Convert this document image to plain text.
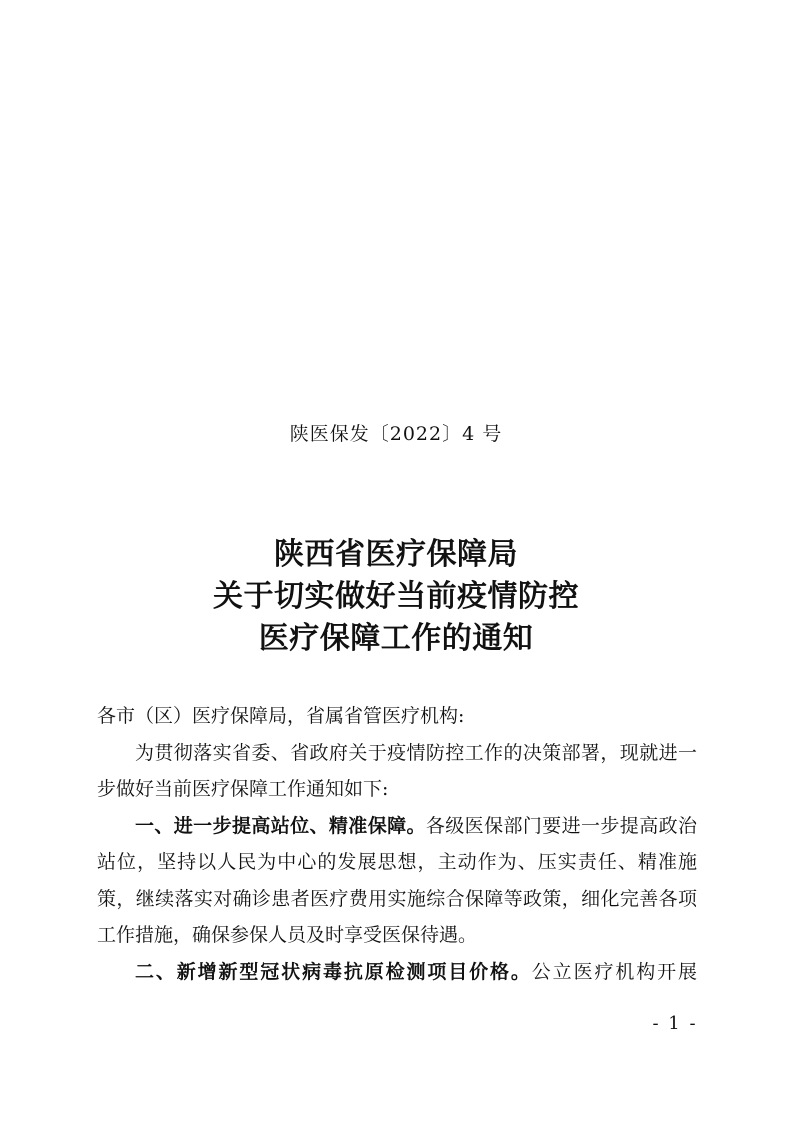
陕医保发〔2022〕4 号
陕西省医疗保障局
关于切实做好当前疫情防控
医疗保障工作的通知

各市（区）医疗保障局，省属省管医疗机构:

为贯彻落实省委、省政府关于疫情防控工作的决策部署，现就进一步做好当前医疗保障工作通知如下:

一、进一步提高站位、精准保障。各级医保部门要进一步提高政治站位，坚持以人民为中心的发展思想，主动作为、压实责任、精准施策，继续落实对确诊患者医疗费用实施综合保障等政策，细化完善各项工作措施，确保参保人员及时享受医保待遇。

二、新增新型冠状病毒抗原检测项目价格。公立医疗机构开展

- 1 -
